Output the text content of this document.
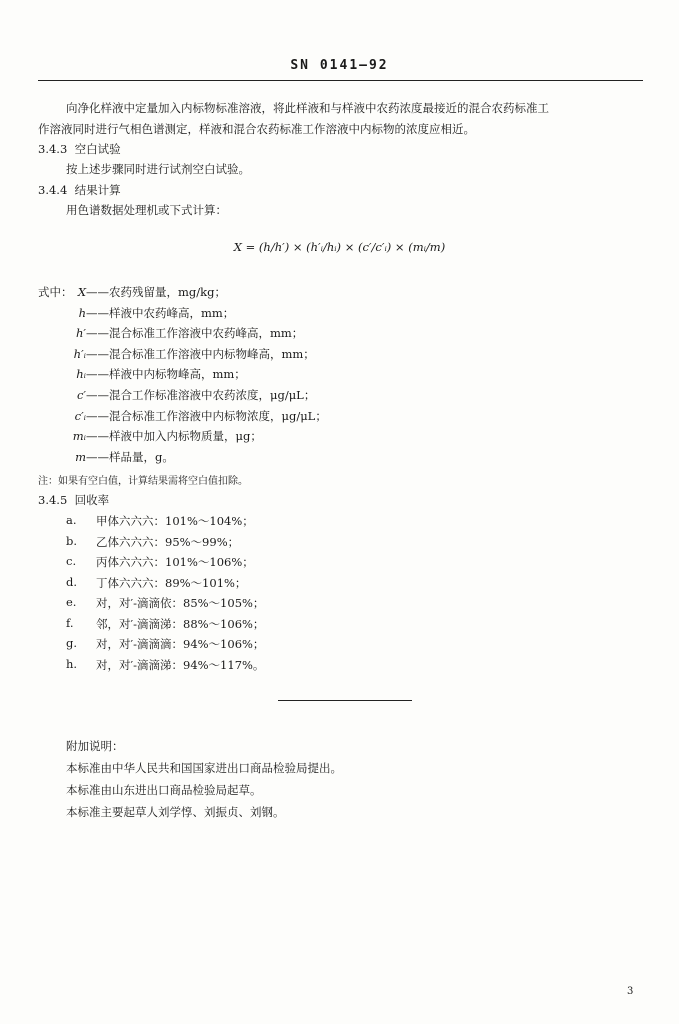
SN 0141—92
向净化样液中定量加入内标物标准溶液，将此样液和与样液中农药浓度最接近的混合农药标准工
作溶液同时进行气相色谱测定，样液和混合农药标准工作溶液中内标物的浓度应相近。
3.4.3 空白试验
按上述步骤同时进行试剂空白试验。
3.4.4 结果计算
用色谱数据处理机或下式计算：
X = (h/h′) × (h′ᵢ/hᵢ) × (c′/c′ᵢ) × (mᵢ/m)
式中： X——农药残留量，mg/kg；
h——样液中农药峰高，mm；
h′——混合标准工作溶液中农药峰高，mm；
h′ᵢ——混合标准工作溶液中内标物峰高，mm；
hᵢ——样液中内标物峰高，mm；
c′——混合工作标准溶液中农药浓度，μg/μL；
c′ᵢ——混合标准工作溶液中内标物浓度，μg/μL；
mᵢ——样液中加入内标物质量，μg；
m——样品量，g。
注：如果有空白值，计算结果需将空白值扣除。
3.4.5 回收率
a. 甲体六六六：101%～104%；
b. 乙体六六六：95%～99%；
c. 丙体六六六：101%～106%；
d. 丁体六六六：89%～101%；
e. 对，对′-滴滴依：85%～105%；
f. 邻，对′-滴滴涕：88%～106%；
g. 对，对′-滴滴滴：94%～106%；
h. 对，对′-滴滴涕：94%～117%。
附加说明：
本标准由中华人民共和国国家进出口商品检验局提出。
本标准由山东进出口商品检验局起草。
本标准主要起草人刘学惇、刘振贞、刘钢。
3
